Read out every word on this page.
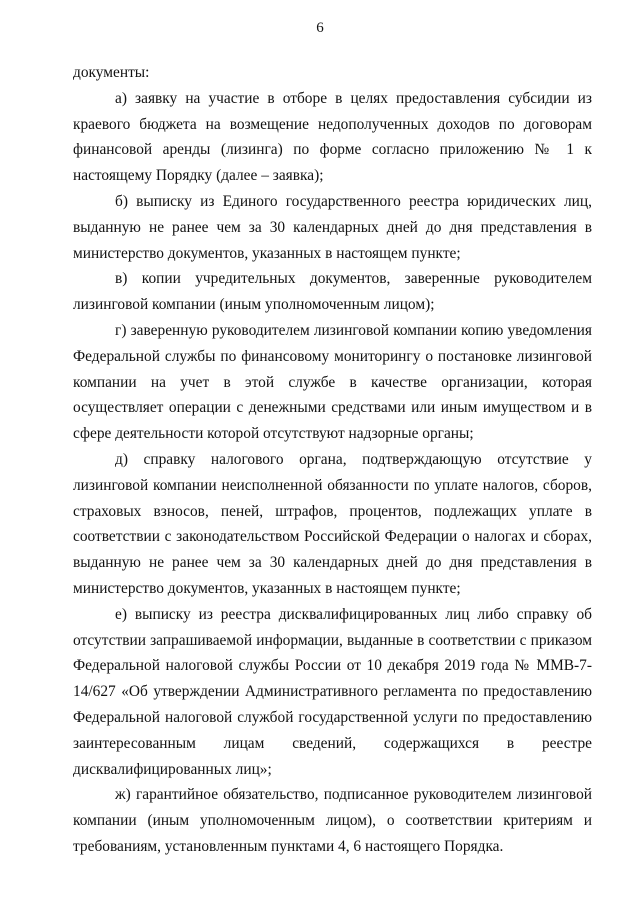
6

документы:

а) заявку на участие в отборе в целях предоставления субсидии из краевого бюджета на возмещение недополученных доходов по договорам финансовой аренды (лизинга) по форме согласно приложению № 1 к настоящему Порядку (далее – заявка);

б) выписку из Единого государственного реестра юридических лиц, выданную не ранее чем за 30 календарных дней до дня представления в министерство документов, указанных в настоящем пункте;

в) копии учредительных документов, заверенные руководителем лизинговой компании (иным уполномоченным лицом);

г) заверенную руководителем лизинговой компании копию уведомления Федеральной службы по финансовому мониторингу о постановке лизинговой компании на учет в этой службе в качестве организации, которая осуществляет операции с денежными средствами или иным имуществом и в сфере деятельности которой отсутствуют надзорные органы;

д) справку налогового органа, подтверждающую отсутствие у лизинговой компании неисполненной обязанности по уплате налогов, сборов, страховых взносов, пеней, штрафов, процентов, подлежащих уплате в соответствии с законодательством Российской Федерации о налогах и сборах, выданную не ранее чем за 30 календарных дней до дня представления в министерство документов, указанных в настоящем пункте;

е) выписку из реестра дисквалифицированных лиц либо справку об отсутствии запрашиваемой информации, выданные в соответствии с приказом Федеральной налоговой службы России от 10 декабря 2019 года № ММВ-7-14/627 «Об утверждении Административного регламента по предоставлению Федеральной налоговой службой государственной услуги по предоставлению заинтересованным лицам сведений, содержащихся в реестре дисквалифицированных лиц»;

ж) гарантийное обязательство, подписанное руководителем лизинговой компании (иным уполномоченным лицом), о соответствии критериям и требованиям, установленным пунктами 4, 6 настоящего Порядка.
